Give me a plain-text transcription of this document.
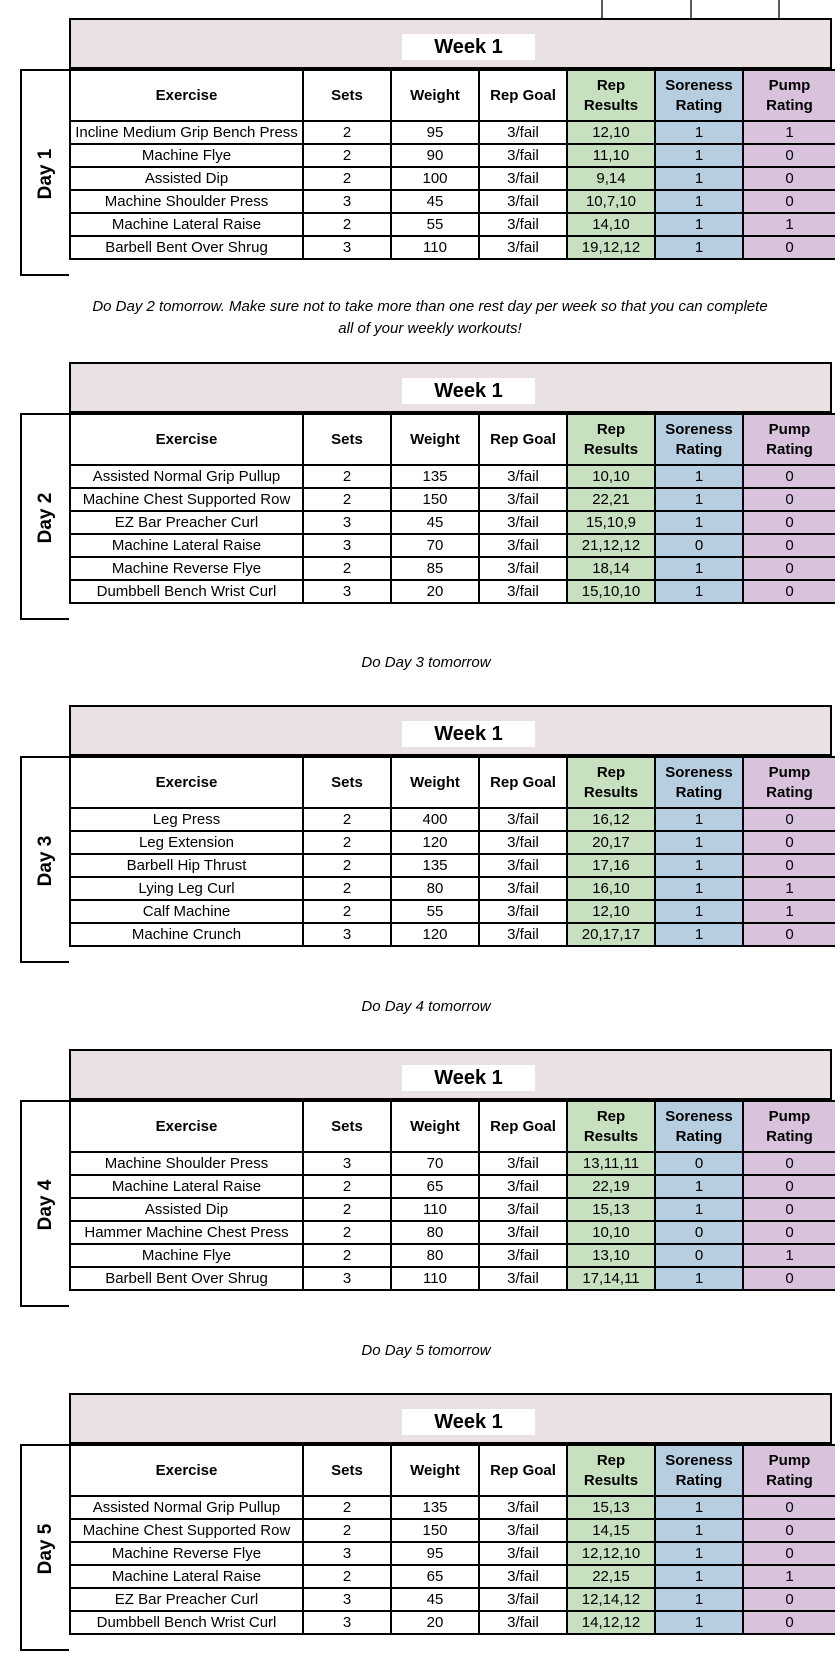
Week 1
Day 1
Exercise	Sets	Weight	Rep Goal	Rep Results	Soreness Rating	Pump Rating
Incline Medium Grip Bench Press	2	95	3/fail	12,10	1	1
Machine Flye	2	90	3/fail	11,10	1	0
Assisted Dip	2	100	3/fail	9,14	1	0
Machine Shoulder Press	3	45	3/fail	10,7,10	1	0
Machine Lateral Raise	2	55	3/fail	14,10	1	1
Barbell Bent Over Shrug	3	110	3/fail	19,12,12	1	0
Do Day 2 tomorrow. Make sure not to take more than one rest day per week so that you can complete all of your weekly workouts!
Week 1
Day 2
Exercise	Sets	Weight	Rep Goal	Rep Results	Soreness Rating	Pump Rating
Assisted Normal Grip Pullup	2	135	3/fail	10,10	1	0
Machine Chest Supported Row	2	150	3/fail	22,21	1	0
EZ Bar Preacher Curl	3	45	3/fail	15,10,9	1	0
Machine Lateral Raise	3	70	3/fail	21,12,12	0	0
Machine Reverse Flye	2	85	3/fail	18,14	1	0
Dumbbell Bench Wrist Curl	3	20	3/fail	15,10,10	1	0
Do Day 3 tomorrow
Week 1
Day 3
Exercise	Sets	Weight	Rep Goal	Rep Results	Soreness Rating	Pump Rating
Leg Press	2	400	3/fail	16,12	1	0
Leg Extension	2	120	3/fail	20,17	1	0
Barbell Hip Thrust	2	135	3/fail	17,16	1	0
Lying Leg Curl	2	80	3/fail	16,10	1	1
Calf Machine	2	55	3/fail	12,10	1	1
Machine Crunch	3	120	3/fail	20,17,17	1	0
Do Day 4 tomorrow
Week 1
Day 4
Exercise	Sets	Weight	Rep Goal	Rep Results	Soreness Rating	Pump Rating
Machine Shoulder Press	3	70	3/fail	13,11,11	0	0
Machine Lateral Raise	2	65	3/fail	22,19	1	0
Assisted Dip	2	110	3/fail	15,13	1	0
Hammer Machine Chest Press	2	80	3/fail	10,10	0	0
Machine Flye	2	80	3/fail	13,10	0	1
Barbell Bent Over Shrug	3	110	3/fail	17,14,11	1	0
Do Day 5 tomorrow
Week 1
Day 5
Exercise	Sets	Weight	Rep Goal	Rep Results	Soreness Rating	Pump Rating
Assisted Normal Grip Pullup	2	135	3/fail	15,13	1	0
Machine Chest Supported Row	2	150	3/fail	14,15	1	0
Machine Reverse Flye	3	95	3/fail	12,12,10	1	0
Machine Lateral Raise	2	65	3/fail	22,15	1	1
EZ Bar Preacher Curl	3	45	3/fail	12,14,12	1	0
Dumbbell Bench Wrist Curl	3	20	3/fail	14,12,12	1	0
